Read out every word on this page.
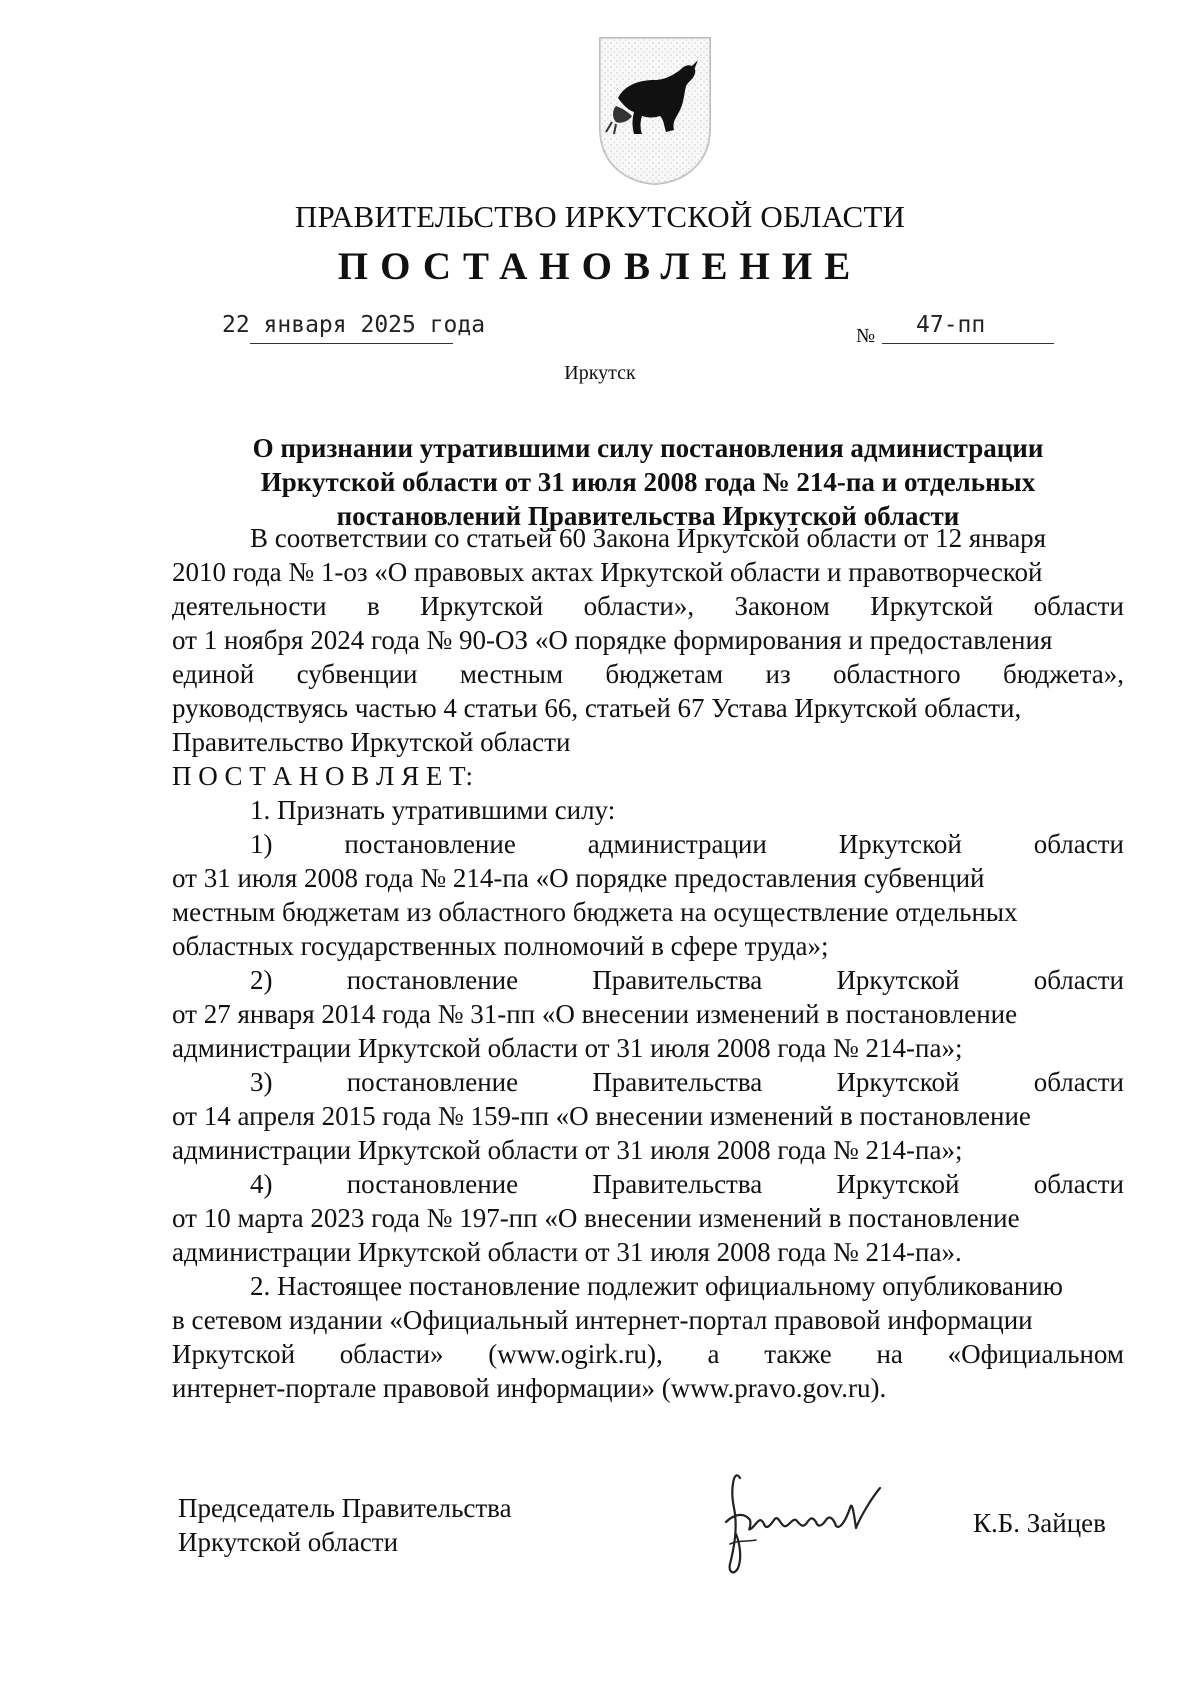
ПРАВИТЕЛЬСТВО ИРКУТСКОЙ ОБЛАСТИ
ПОСТАНОВЛЕНИЕ
22 января 2025 года	№ 47-пп
Иркутск
О признании утратившими силу постановления администрации
Иркутской области от 31 июля 2008 года № 214-па и отдельных
постановлений Правительства Иркутской области
В соответствии со статьей 60 Закона Иркутской области от 12 января
2010 года № 1-оз «О правовых актах Иркутской области и правотворческой
деятельности в Иркутской области», Законом Иркутской области
от 1 ноября 2024 года № 90-ОЗ «О порядке формирования и предоставления
единой субвенции местным бюджетам из областного бюджета»,
руководствуясь частью 4 статьи 66, статьей 67 Устава Иркутской области,
Правительство Иркутской области
П О С Т А Н О В Л Я Е Т:
1. Признать утратившими силу:
1)	постановление	администрации	Иркутской	области
от 31 июля 2008 года № 214-па «О порядке предоставления субвенций
местным бюджетам из областного бюджета на осуществление отдельных
областных государственных полномочий в сфере труда»;
2)	постановление	Правительства	Иркутской	области
от 27 января 2014 года № 31-пп «О внесении изменений в постановление
администрации Иркутской области от 31 июля 2008 года № 214-па»;
3)	постановление	Правительства	Иркутской	области
от 14 апреля 2015 года № 159-пп «О внесении изменений в постановление
администрации Иркутской области от 31 июля 2008 года № 214-па»;
4)	постановление	Правительства	Иркутской	области
от 10 марта 2023 года № 197-пп «О внесении изменений в постановление
администрации Иркутской области от 31 июля 2008 года № 214-па».
2. Настоящее постановление подлежит официальному опубликованию
в сетевом издании «Официальный интернет-портал правовой информации
Иркутской области» (www.ogirk.ru), а также на «Официальном
интернет-портале правовой информации» (www.pravo.gov.ru).
Председатель Правительства
Иркутской области
К.Б. Зайцев
